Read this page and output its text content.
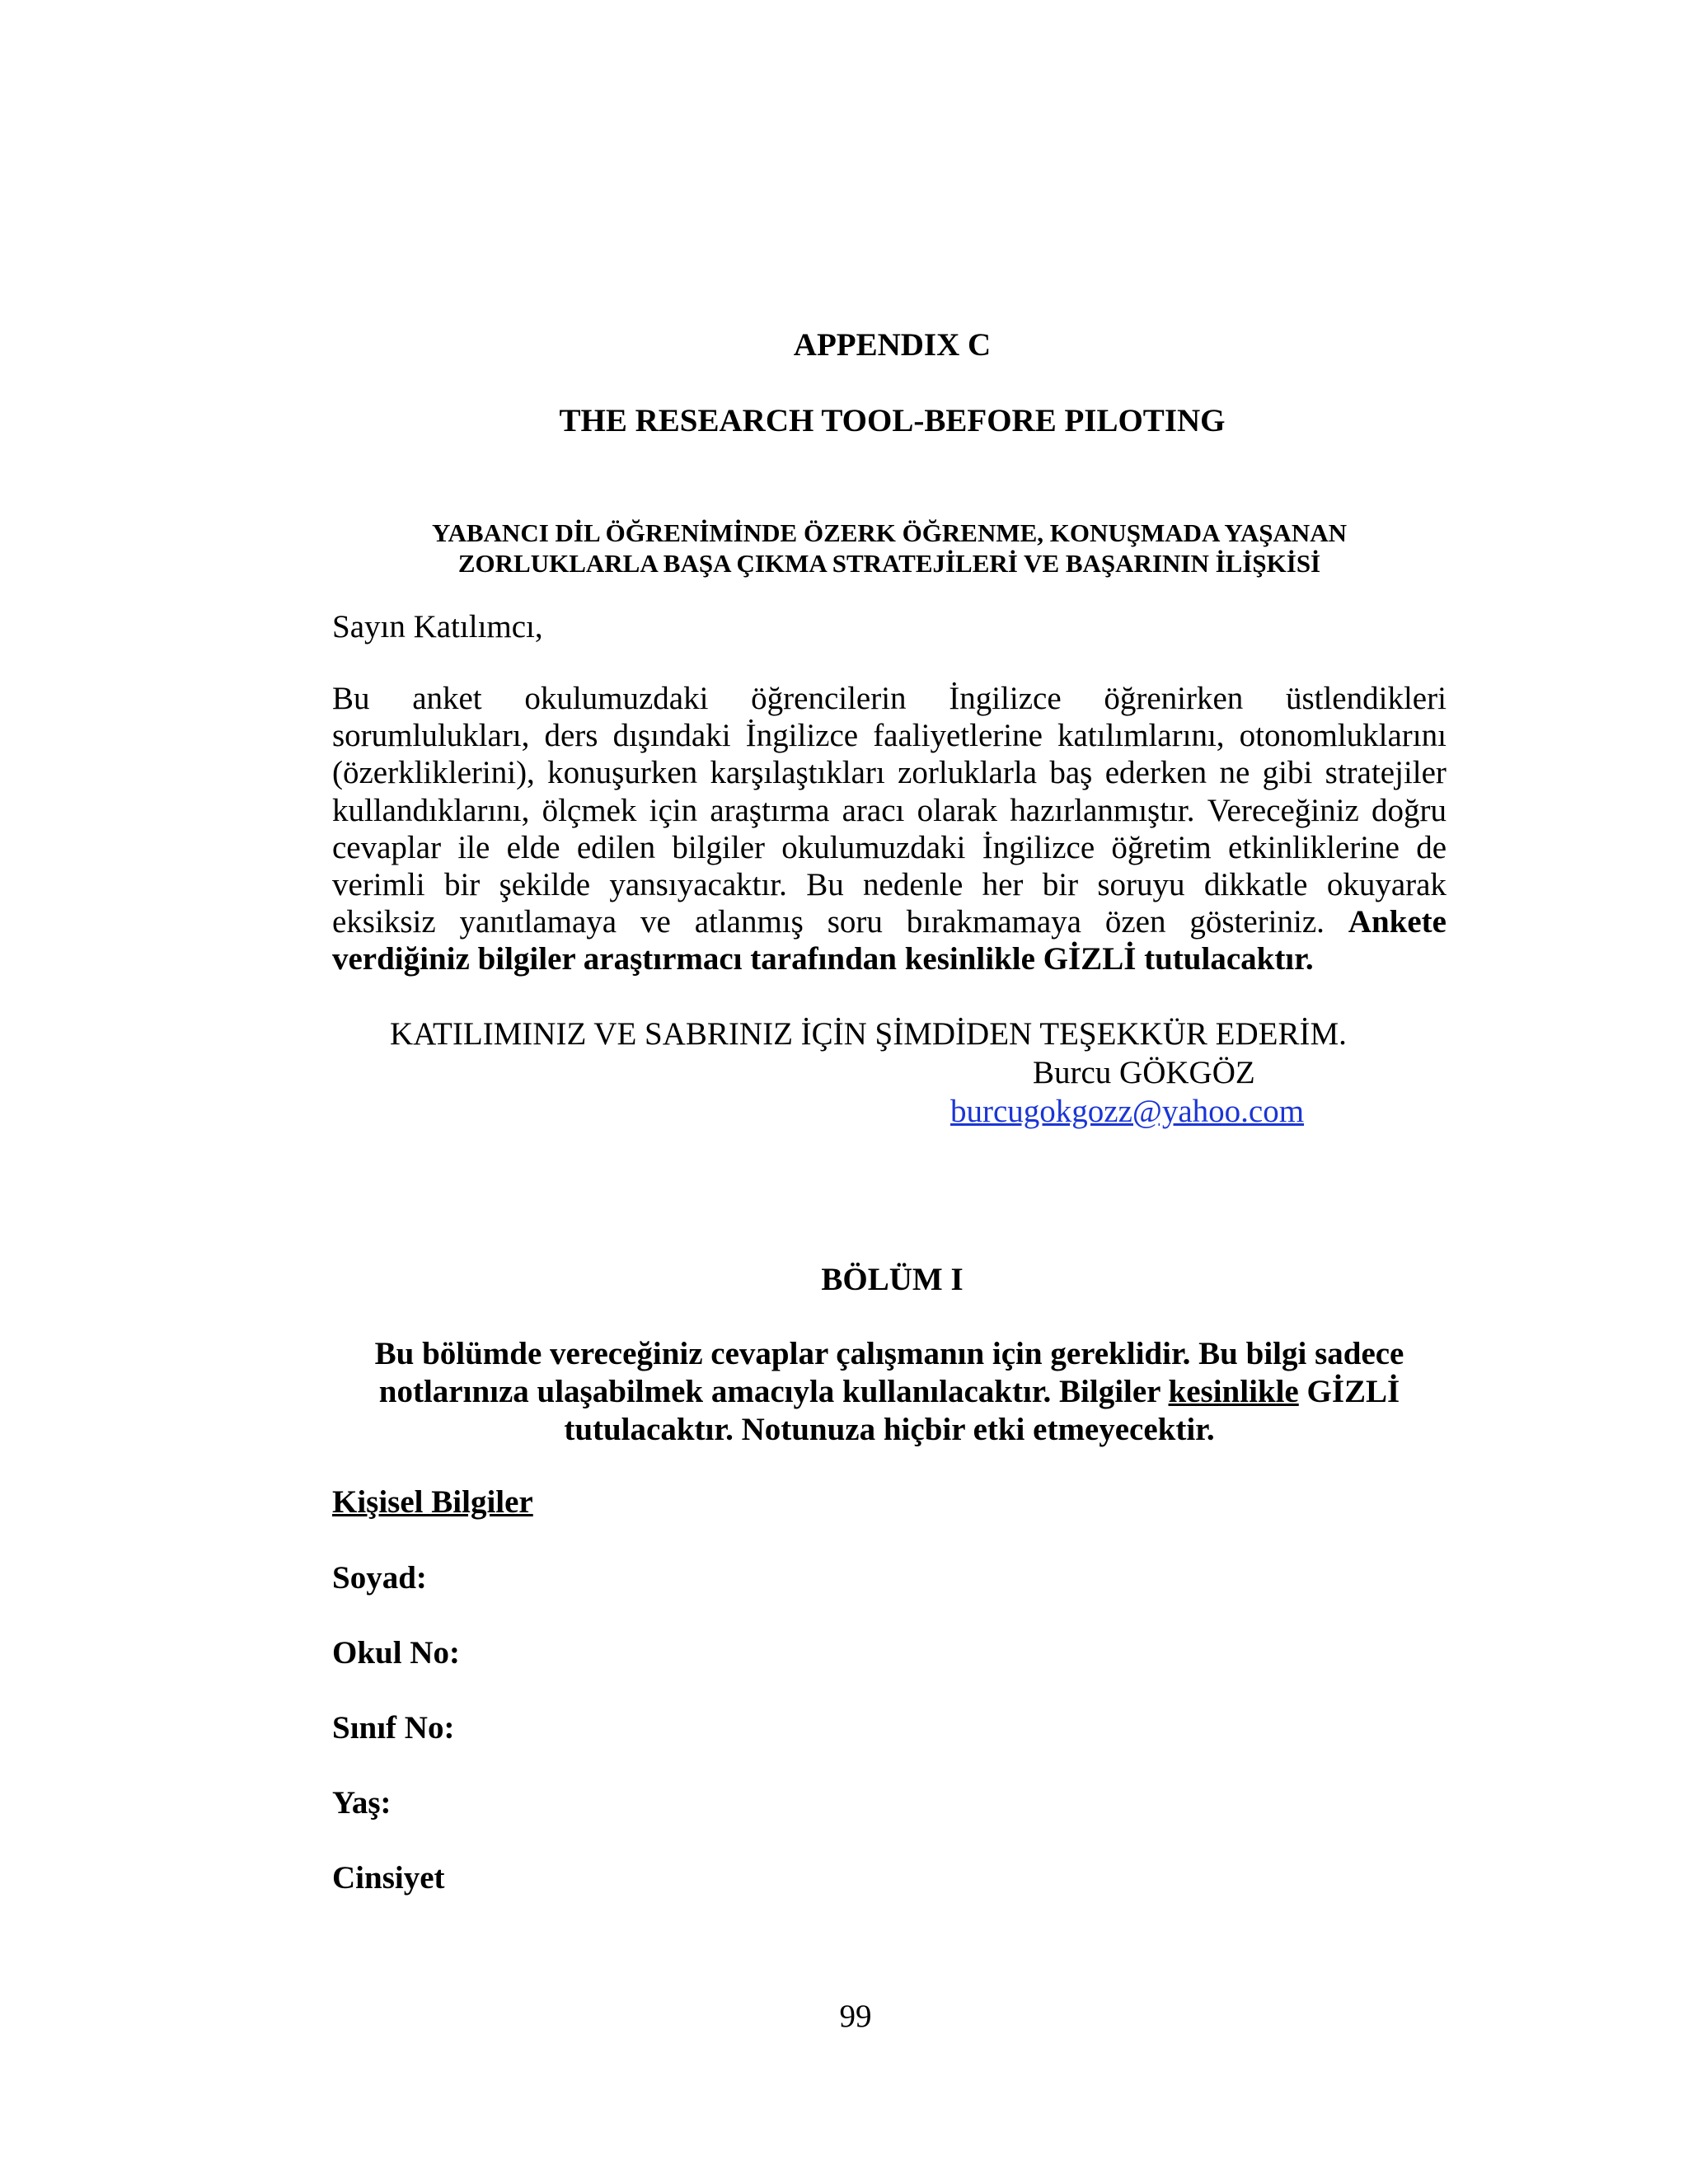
APPENDIX C
THE RESEARCH TOOL-BEFORE PILOTING
YABANCI DİL ÖĞRENİMİNDE ÖZERK ÖĞRENME, KONUŞMADA YAŞANAN
ZORLUKLARLA BAŞA ÇIKMA STRATEJİLERİ VE BAŞARININ İLİŞKİSİ
Sayın Katılımcı,
Bu anket okulumuzdaki öğrencilerin İngilizce öğrenirken üstlendikleri
sorumlulukları, ders dışındaki İngilizce faaliyetlerine katılımlarını, otonomluklarını
(özerkliklerini), konuşurken karşılaştıkları zorluklarla baş ederken ne gibi stratejiler
kullandıklarını, ölçmek için araştırma aracı olarak hazırlanmıştır. Vereceğiniz doğru
cevaplar ile elde edilen bilgiler okulumuzdaki İngilizce öğretim etkinliklerine de
verimli bir şekilde yansıyacaktır. Bu nedenle her bir soruyu dikkatle okuyarak
eksiksiz yanıtlamaya ve atlanmış soru bırakmamaya özen gösteriniz. Ankete
verdiğiniz bilgiler araştırmacı tarafından kesinlikle GİZLİ tutulacaktır.
KATILIMINIZ VE SABRINIZ İÇİN ŞİMDİDEN TEŞEKKÜR EDERİM.
Burcu GÖKGÖZ
burcugokgozz@yahoo.com
BÖLÜM I
Bu bölümde vereceğiniz cevaplar çalışmanın için gereklidir. Bu bilgi sadece
notlarınıza ulaşabilmek amacıyla kullanılacaktır. Bilgiler kesinlikle GİZLİ
tutulacaktır. Notunuza hiçbir etki etmeyecektir.
Kişisel Bilgiler
Soyad:
Okul No:
Sınıf No:
Yaş:
Cinsiyet
99
